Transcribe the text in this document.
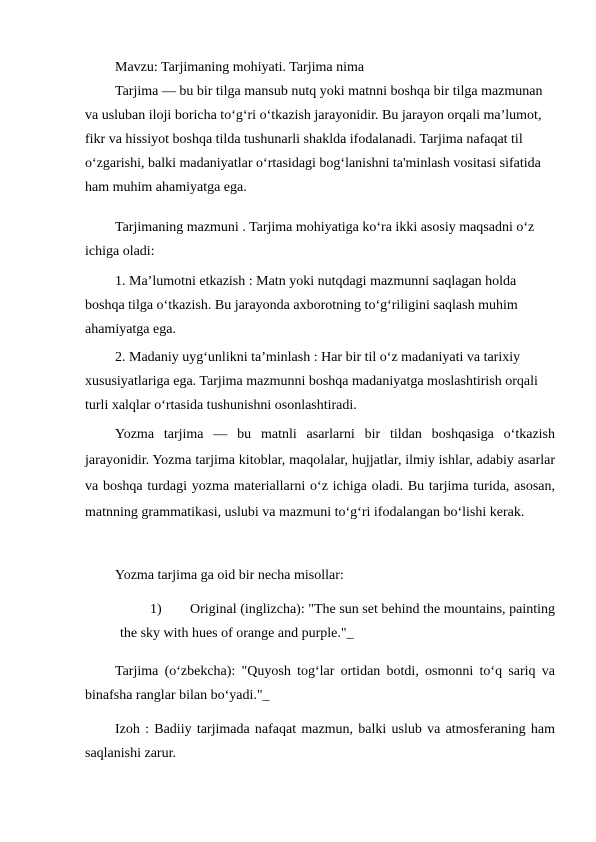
Mavzu: Tarjimaning mohiyati. Tarjima nima

Tarjima — bu bir tilga mansub nutq yoki matnni boshqa bir tilga mazmunan va usluban iloji boricha to‘g‘ri o‘tkazish jarayonidir. Bu jarayon orqali ma’lumot, fikr va hissiyot boshqa tilda tushunarli shaklda ifodalanadi. Tarjima nafaqat til o‘zgarishi, balki madaniyatlar o‘rtasidagi bog‘lanishni ta'minlash vositasi sifatida ham muhim ahamiyatga ega.

Tarjimaning mazmuni . Tarjima mohiyatiga ko‘ra ikki asosiy maqsadni o‘z ichiga oladi:

1. Ma’lumotni etkazish : Matn yoki nutqdagi mazmunni saqlagan holda boshqa tilga o‘tkazish. Bu jarayonda axborotning to‘g‘riligini saqlash muhim ahamiyatga ega.

2. Madaniy uyg‘unlikni ta’minlash : Har bir til o‘z madaniyati va tarixiy xususiyatlariga ega. Tarjima mazmunni boshqa madaniyatga moslashtirish orqali turli xalqlar o‘rtasida tushunishni osonlashtiradi.

Yozma tarjima — bu matnli asarlarni bir tildan boshqasiga o‘tkazish jarayonidir. Yozma tarjima kitoblar, maqolalar, hujjatlar, ilmiy ishlar, adabiy asarlar va boshqa turdagi yozma materiallarni o‘z ichiga oladi. Bu tarjima turida, asosan, matnning grammatikasi, uslubi va mazmuni to‘g‘ri ifodalangan bo‘lishi kerak.

Yozma tarjima ga oid bir necha misollar:

1)	Original (inglizcha): "The sun set behind the mountains, painting the sky with hues of orange and purple."_

Tarjima (o‘zbekcha): "Quyosh tog‘lar ortidan botdi, osmonni to‘q sariq va binafsha ranglar bilan bo‘yadi."_

Izoh : Badiiy tarjimada nafaqat mazmun, balki uslub va atmosferaning ham saqlanishi zarur.
